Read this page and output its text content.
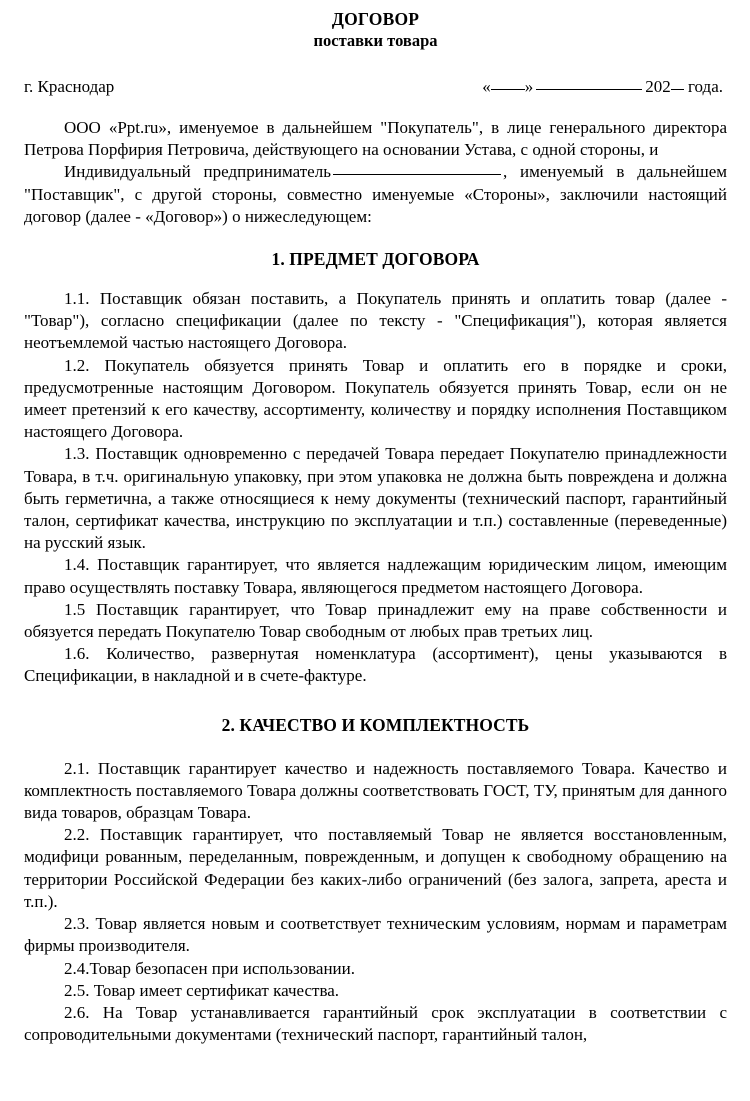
ДОГОВОР
поставки товара
г. Краснодар	« »	202 года.

ООО «Ppt.ru», именуемое в дальнейшем "Покупатель", в лице генерального директора Петрова Порфирия Петровича, действующего на основании Устава, с одной стороны, и

Индивидуальный предприниматель	, именуемый в дальнейшем "Поставщик", с другой стороны, совместно именуемые «Стороны», заключили настоящий договор (далее - «Договор») о нижеследующем:

1. ПРЕДМЕТ ДОГОВОРА

1.1. Поставщик обязан поставить, а Покупатель принять и оплатить товар (далее - "Товар"), согласно спецификации (далее по тексту - "Спецификация"), которая является неотъемлемой частью настоящего Договора.

1.2. Покупатель обязуется принять Товар и оплатить его в порядке и сроки, предусмотренные настоящим Договором. Покупатель обязуется принять Товар, если он не имеет претензий к его качеству, ассортименту, количеству и порядку исполнения Поставщиком настоящего Договора.

1.3. Поставщик одновременно с передачей Товара передает Покупателю принадлежности Товара, в т.ч. оригинальную упаковку, при этом упаковка не должна быть повреждена и должна быть герметична, а также относящиеся к нему документы (технический паспорт, гарантийный талон, сертификат качества, инструкцию по эксплуатации и т.п.) составленные (переведенные) на русский язык.

1.4. Поставщик гарантирует, что является надлежащим юридическим лицом, имеющим право осуществлять поставку Товара, являющегося предметом настоящего Договора.

1.5 Поставщик гарантирует, что Товар принадлежит ему на праве собственности и обязуется передать Покупателю Товар свободным от любых прав третьих лиц.

1.6. Количество, развернутая номенклатура (ассортимент), цены указываются в Спецификации, в накладной и в счете-фактуре.

2. КАЧЕСТВО И КОМПЛЕКТНОСТЬ

2.1. Поставщик гарантирует качество и надежность поставляемого Товара. Качество и комплектность поставляемого Товара должны соответствовать ГОСТ, ТУ, принятым для данного вида товаров, образцам Товара.

2.2. Поставщик гарантирует, что поставляемый Товар не является восстановленным, модифици рованным, переделанным, поврежденным, и допущен к свободному обращению на территории Российской Федерации без каких-либо ограничений (без залога, запрета, ареста и т.п.).

2.3. Товар является новым и соответствует техническим условиям, нормам и параметрам фирмы производителя.

2.4.Товар безопасен при использовании.

2.5. Товар имеет сертификат качества.

2.6. На Товар устанавливается гарантийный срок эксплуатации в соответствии с сопроводительными документами (технический паспорт, гарантийный талон,
